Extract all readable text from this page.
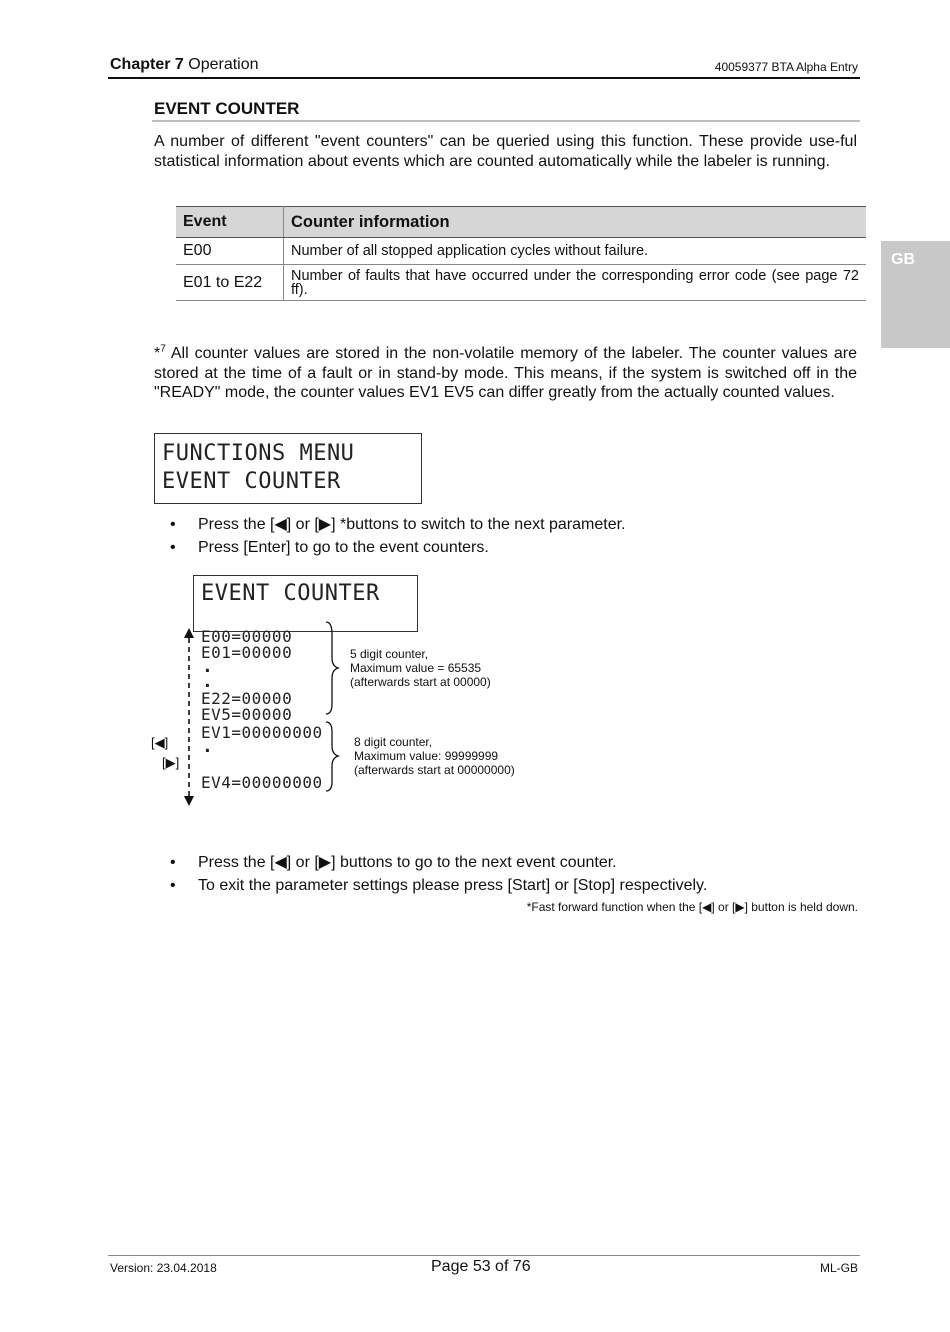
Chapter 7 Operation	40059377 BTA Alpha Entry
GB
EVENT COUNTER
A number of different "event counters" can be queried using this function. These provide use-ful statistical information about events which are counted automatically while the labeler is running.
Event	Counter information
E00	Number of all stopped application cycles without failure.
E01 to E22	Number of faults that have occurred under the corresponding error code (see page 72 ff).
*$^7$ All counter values are stored in the non-volatile memory of the labeler. The counter values are stored at the time of a fault or in stand-by mode. This means, if the system is switched off in the "READY" mode, the counter values EV1 EV5 can differ greatly from the actually counted values.
FUNCTIONS MENU
EVENT COUNTER
• Press the [◀] or [▶] *buttons to switch to the next parameter.
• Press [Enter] to go to the event counters.
EVENT COUNTER
E00=00000
E01=00000
.
.
E22=00000
EV5=00000
EV1=00000000
.
EV4=00000000
5 digit counter,
Maximum value = 65535
(afterwards start at 00000)
8 digit counter,
Maximum value: 99999999
(afterwards start at 00000000)
[◀]
[▶]
• Press the [◀] or [▶] buttons to go to the next event counter.
• To exit the parameter settings please press [Start] or [Stop] respectively.
*Fast forward function when the [◀] or [▶] button is held down.
Version: 23.04.2018	Page 53 of 76	ML-GB
